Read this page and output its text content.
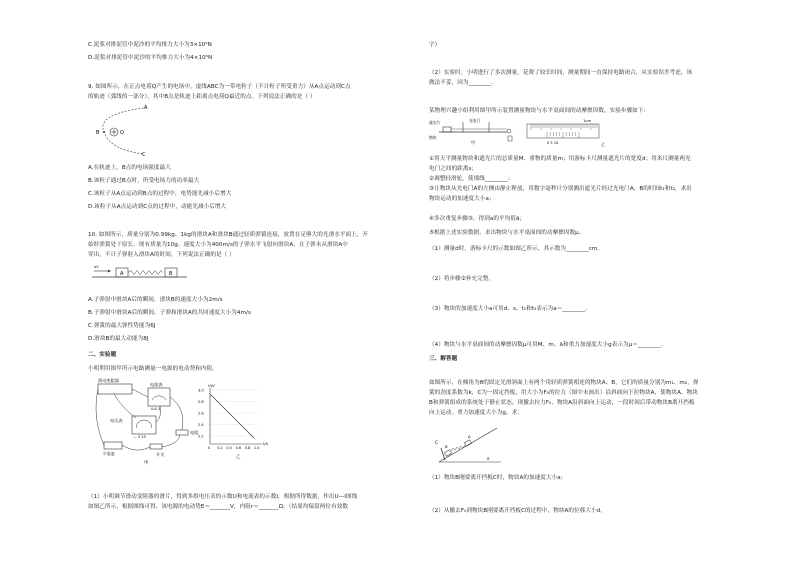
C.泥浆对排泥管中泥沙的平均推力大小为3×10⁵N
D.泥浆对排泥管中泥沙的平均推力大小为4×10⁵N
9. 如图所示，在正点电荷Q产生的电场中，虚线ABC为一带电粒子（不计粒子所受重力）从A点运动到C点
的轨迹（弧线的一部分），其中B点是轨迹上距离点电荷Q最近的点。下列说法正确的是（ ）
A
B	Q
C
A.在轨迹上，B点的电场强度最大
B.该粒子通过B点时，所受电场力的功率最大
C.该粒子从A点运动到B点的过程中，电势能先减小后增大
D.该粒子从A点运动到C点的过程中，动能先减小后增大
10. 如图所示，质量分别为0.99kg、1kg的滑块A和滑块B通过轻质弹簧连接，放置在足够大的光滑水平面上，开
始时弹簧处于原长。现有质量为10g、速度大小为400m/s的子弹水平飞射向滑块A，且子弹未从滑块A中
穿出。不计子弹射入滑块A的时间，下列说法正确的是（ ）
v₀
A	B
A.子弹射中滑块A后的瞬间，滑块B的速度大小为2m/s
B.子弹射中滑块A后的瞬间，子弹和滑块A的共同速度大小为4m/s
C.弹簧的最大弹性势能为6J
D.滑块B的最大动能为8J
二、实验题
小明利用图甲所示电路测量一电源的电动势和内阻。
滑动变阻器
电流表
0.6 3
电压表
— 3 15
干电池	开关
电阻
甲
3.0
2.8
2.6
2.4
2.2
0 0.2 0.4 0.6 0.8 1.0
U/V
I/A
乙
（1）小明调节滑动变阻器的滑片，得到多组电压表的示数U和电流表的示数I，根据所得数据，作出U—I图线
如图乙所示，根据图线可得，该电源的电动势E＝_______V，内阻r＝_______Ω。（结果均保留两位有效数
字）
（2）实验时，小明进行了多次测量，花费了较长时间，测量期间一直保持电路闭合，从实验误差考虑，该
做法不妥，因为________。
某物理兴趣小组利用图甲所示装置测量物块与水平桌面间的动摩擦因数，实验步骤如下：
遮光片
物块
光电门
甲
1cm
0 5 10	乙
①用天平测量物块和遮光片的总质量M、重物的质量m；用游标卡尺测量遮光片的宽度d；用米尺测量两光
电门之间的距离s；
②调整轻滑轮，使细线________；
③让物块从光电门A的左侧由静止释放，用数字毫秒计分别测出遮光片经过光电门A、B的时间t₁和t₂，求出
物块运动的加速度大小a；
④多次重复步骤③，得到a的平均值ā；
⑤根据上述实验数据，求出物块与水平桌面间的动摩擦因数μ。
（1）测量d时，游标卡尺的示数如图乙所示，其示数为________cm。
（2）将步骤②补充完整。
（3）物块的加速度大小a可用d、s、t₁和t₂表示为a＝________。
（4）物块与水平桌面间的动摩擦因数μ可用M、m、ā和重力加速度大小g表示为μ＝________。
三、解答题
如图所示，在倾角为θ的固定光滑斜面上有两个用轻质弹簧相连的物块A、B，它们的质量分别为m₁、m₂，弹
簧的劲度系数为k，C为一固定挡板，用大小为F₀的拉力（图中未画出）沿斜面向下拉物块A，使物块A、物块
B和弹簧组成的系统处于静止状态，现撤去拉力F₀，物块A沿斜面向上运动，一段时间后带动物块B离开挡板
向上运动。重力加速度大小为g，求：
C
B
A
θ
（1）物块B刚要离开挡板C时，物块A的加速度大小a；
（2）从撤去F₀到物块B刚要离开挡板C的过程中，物块A的位移大小d。
